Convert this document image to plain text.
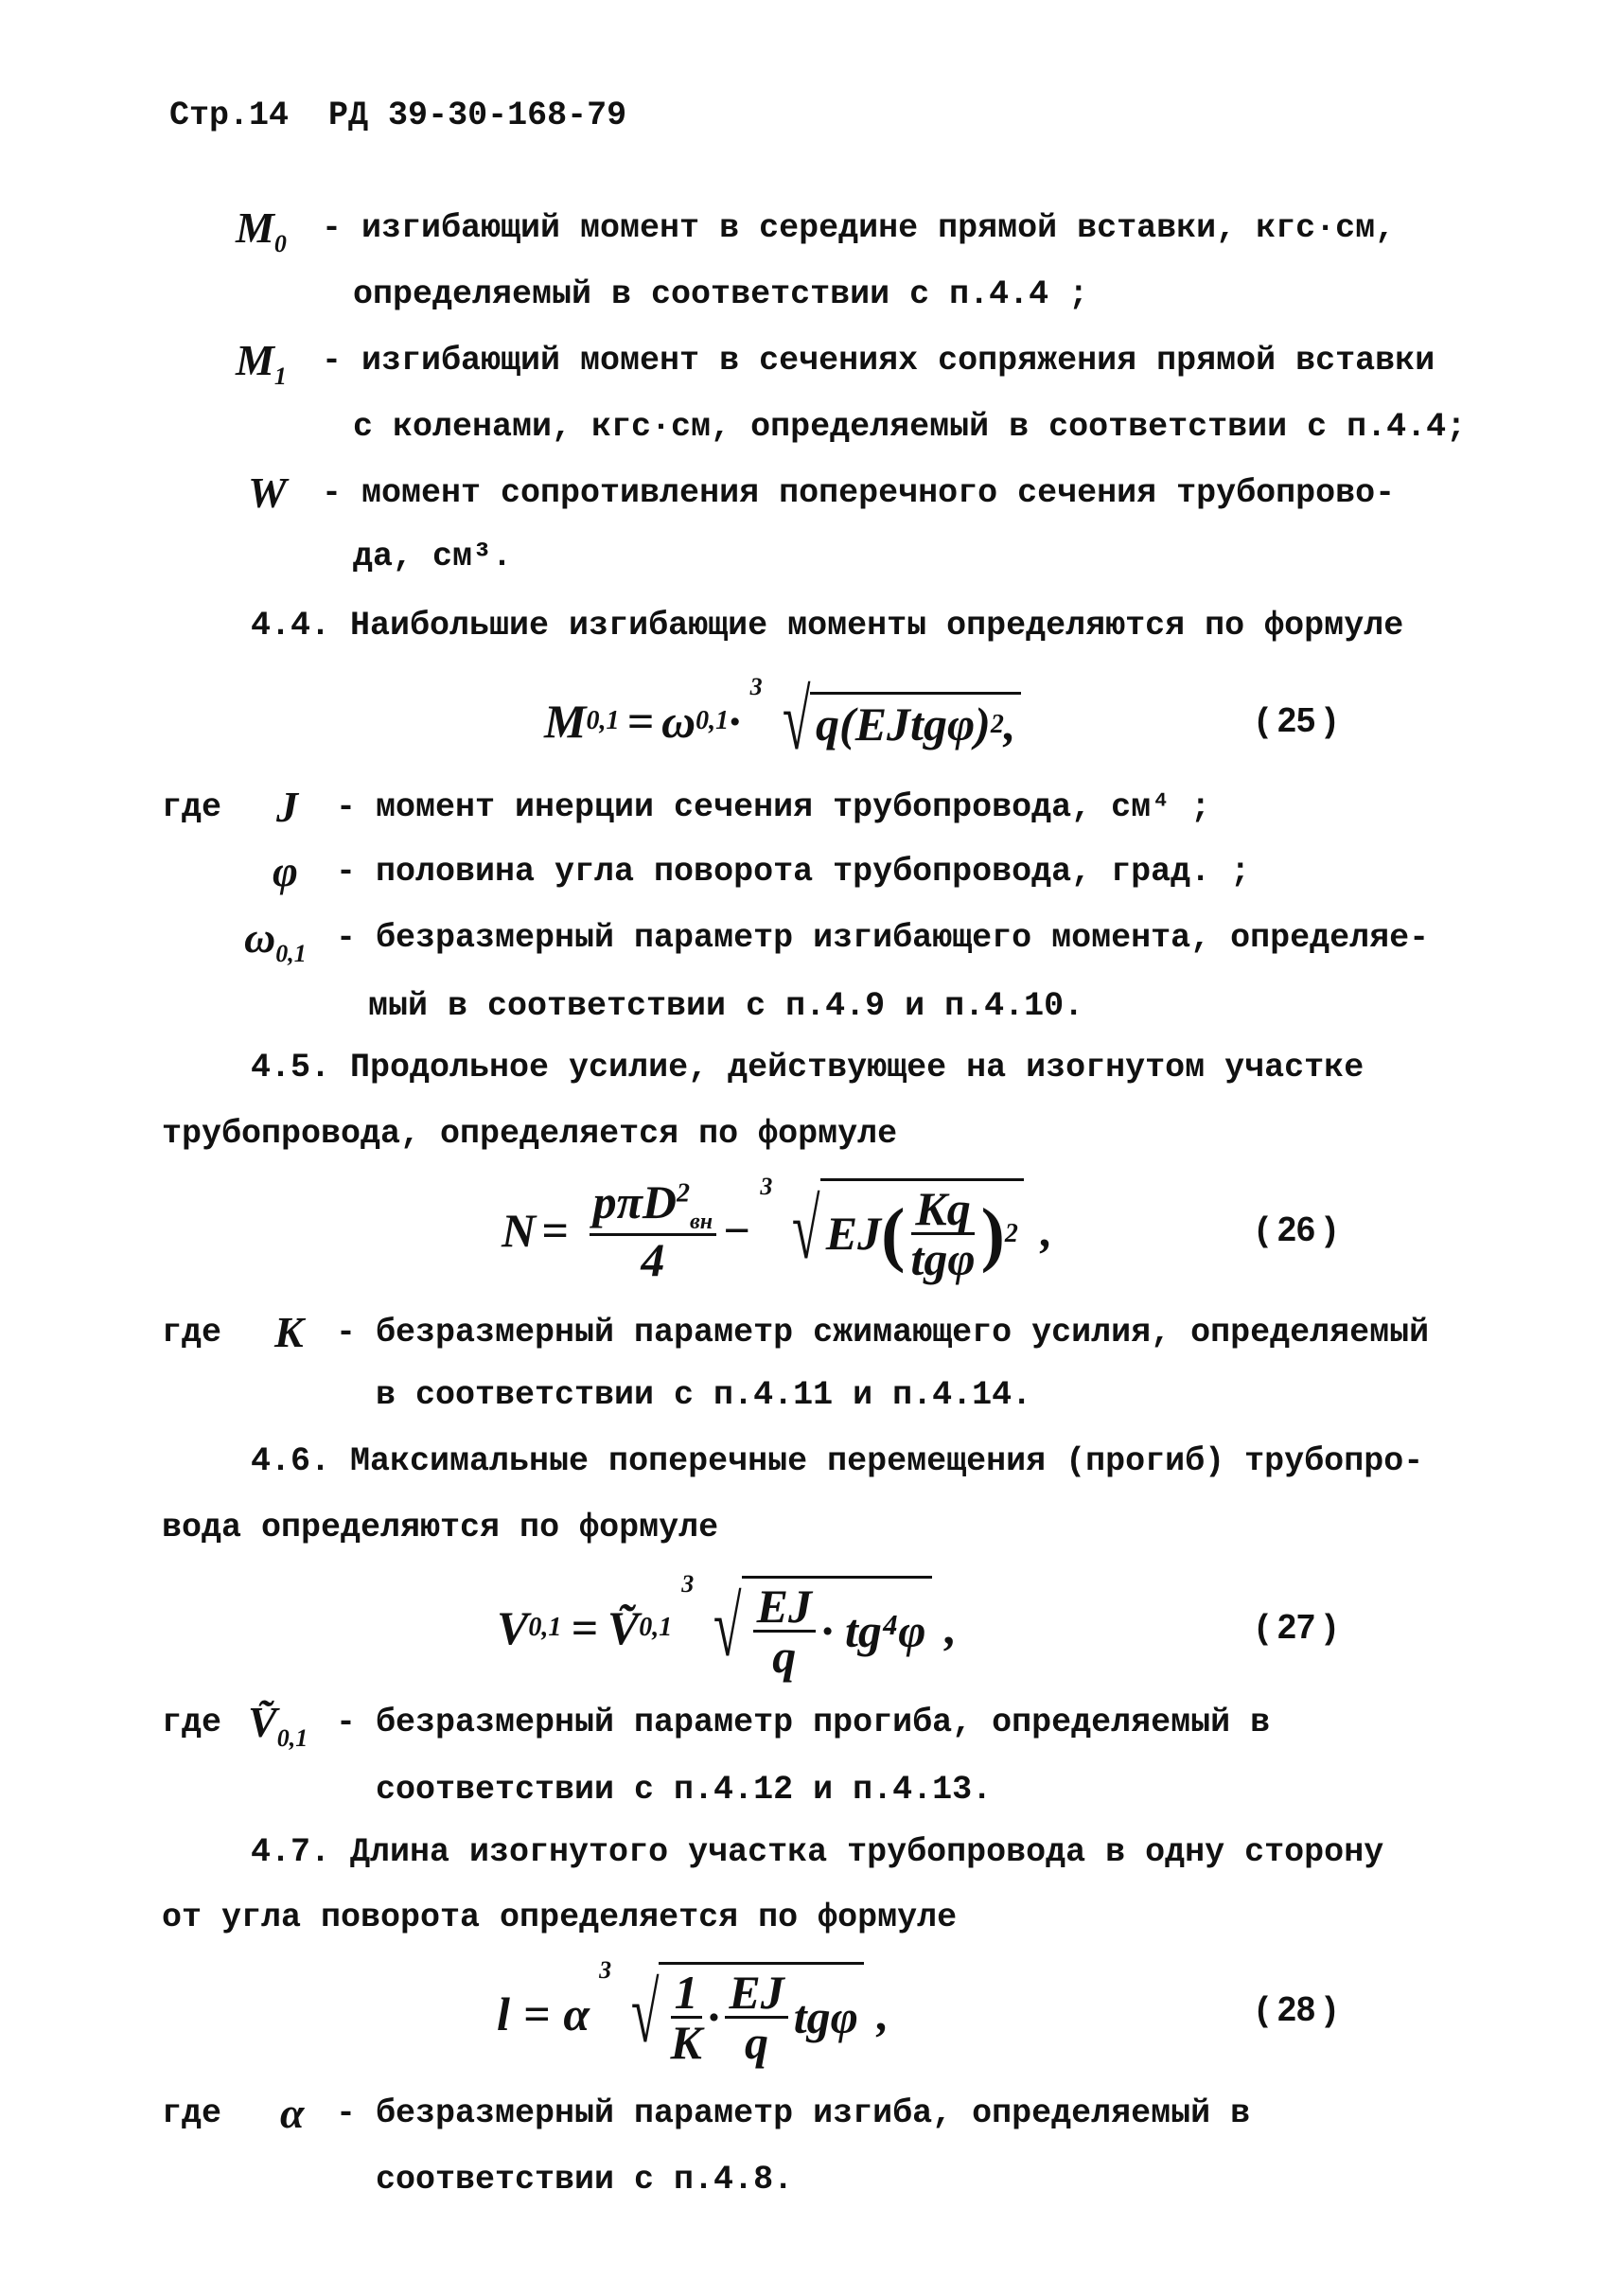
Стр.14 РД 39-30-168-79
$M_0$ - изгибающий момент в середине прямой вставки, кгс·см,
определяемый в соответствии с п.4.4 ;
$M_1$ - изгибающий момент в сечениях сопряжения прямой вставки
с коленами, кгс·см, определяемый в соответствии с п.4.4;
W - момент сопротивления поперечного сечения трубопрово-
да, см³.
4.4. Наибольшие изгибающие моменты определяются по формуле
M 0,1 = ω 0,1 ·
3 √ q(EJtgφ) 2 ,	( 25 )
где J - момент инерции сечения трубопровода, см⁴ ;
φ - половина угла поворота трубопровода, град. ;
$\omega_{0,1}$ - безразмерный параметр изгибающего момента, определяе-
мый в соответствии с п.4.9 и п.4.10.
4.5. Продольное усилие, действующее на изогнутом участке
трубопровода, определяется по формуле
$N = \frac{p\pi D^2_{вн}}{4}$ −
3 √ EJ ( $\frac{Kq}{\text{tgφ}}$ ) 2 ,	( 26 )
где K - безразмерный параметр сжимающего усилия, определяемый
в соответствии с п.4.11 и п.4.14.
4.6. Максимальные поперечные перемещения (прогиб) трубопро-
вода определяются по формуле
V 0,1 = Ṽ 0,1
3 √ $\frac{EJ}{q} \cdot tg^4\varphi$ ,	( 27 )
где Ṽ$_{0,1}$ - безразмерный параметр прогиба, определяемый в
соответствии с п.4.12 и п.4.13.
4.7. Длина изогнутого участка трубопровода в одну сторону
от угла поворота определяется по формуле
l = α
3 √ $\frac{1}{K} \cdot \frac{EJ}{q}$ tgφ ,	( 28 )
где α - безразмерный параметр изгиба, определяемый в
соответствии с п.4.8.
